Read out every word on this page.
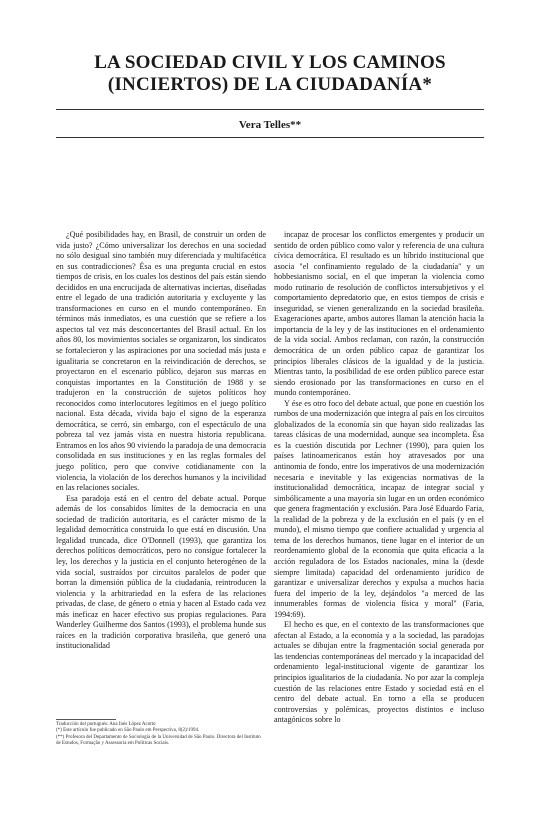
LA SOCIEDAD CIVIL Y LOS CAMINOS
(INCIERTOS) DE LA CIUDADANÍA*
Vera Telles**

¿Qué posibilidades hay, en Brasil, de construir un orden de vida justo? ¿Cómo universalizar los derechos en una sociedad no sólo desigual sino también muy diferenciada y multifacética en sus contradicciones? Ésa es una pregunta crucial en estos tiempos de crisis, en los cuales los destinos del país están siendo decididos en una encrucijada de alternativas inciertas, diseñadas entre el legado de una tradición autoritaria y excluyente y las transformaciones en curso en el mundo contemporáneo. En términos más inmediatos, es una cuestión que se refiere a los aspectos tal vez más desconcertantes del Brasil actual. En los años 80, los movimientos sociales se organizaron, los sindicatos se fortalecieron y las aspiraciones por una sociedad más justa e igualitaria se concretaron en la reivindicación de derechos, se proyectaron en el escenario público, dejaron sus marcas en conquistas importantes en la Constitución de 1988 y se tradujeron en la construcción de sujetos políticos hoy reconocidos como interlocutores legítimos en el juego político nacional. Esta década, vivida bajo el signo de la esperanza democrática, se cerró, sin embargo, con el espectáculo de una pobreza tal vez jamás vista en nuestra historia republicana. Entramos en los años 90 viviendo la paradoja de una democracia consolidada en sus instituciones y en las reglas formales del juego político, pero que convive cotidianamente con la violencia, la violación de los derechos humanos y la incivilidad en las relaciones sociales.

Esa paradoja está en el centro del debate actual. Porque además de los consabidos límites de la democracia en una sociedad de tradición autoritaria, es el carácter mismo de la legalidad democrática construida lo que está en discusión. Una legalidad truncada, dice O'Donnell (1993), que garantiza los derechos políticos democráticos, pero no consigue fortalecer la ley, los derechos y la justicia en el conjunto heterogéneo de la vida social, sustraídos por circuitos paralelos de poder que borran la dimensión pública de la ciudadanía, reintroducen la violencia y la arbitrariedad en la esfera de las relaciones privadas, de clase, de género o etnia y hacen al Estado cada vez más ineficaz en hacer efectivo sus propias regulaciones. Para Wanderley Guilherme dos Santos (1993), el problema hunde sus raíces en la tradición corporativa brasileña, que generó una institucionalidad

incapaz de procesar los conflictos emergentes y producir un sentido de orden público como valor y referencia de una cultura cívica democrática. El resultado es un híbrido institucional que asocia "el confinamiento regulado de la ciudadanía" y un hobbesianismo social, en el que imperan la violencia como modo rutinario de resolución de conflictos intersubjetivos y el comportamiento depredatorio que, en estos tiempos de crisis e inseguridad, se vienen generalizando en la sociedad brasileña. Exageraciones aparte, ambos autores llaman la atención hacia la importancia de la ley y de las instituciones en el ordenamiento de la vida social. Ambos reclaman, con razón, la construcción democrática de un orden público capaz de garantizar los principios liberales clásicos de la igualdad y de la justicia. Mientras tanto, la posibilidad de ese orden público parece estar siendo erosionado por las transformaciones en curso en el mundo contemporáneo.

Y ése es otro foco del debate actual, que pone en cuestión los rumbos de una modernización que integra al país en los circuitos globalizados de la economía sin que hayan sido realizadas las tareas clásicas de una modernidad, aunque sea incompleta. Ésa es la cuestión discutida por Lechner (1990), para quien los países latinoamericanos están hoy atravesados por una antinomia de fondo, entre los imperativos de una modernización necesaria e inevitable y las exigencias normativas de la institucionalidad democrática, incapaz de integrar social y simbólicamente a una mayoría sin lugar en un orden económico que genera fragmentación y exclusión. Para José Eduardo Faria, la realidad de la pobreza y de la exclusión en el país (y en el mundo), el mismo tiempo que confiere actualidad y urgencia al tema de los derechos humanos, tiene lugar en el interior de un reordenamiento global de la economía que quita eficacia a la acción reguladora de los Estados nacionales, mina la (desde siempre limitada) capacidad del ordenamiento jurídico de garantizar e universalizar derechos y expulsa a muchos hacia fuera del imperio de la ley, dejándolos "a merced de las innumerables formas de violencia física y moral" (Faria, 1994:69).

El hecho es que, en el contexto de las transformaciones que afectan al Estado, a la economía y a la sociedad, las paradojas actuales se dibujan entre la fragmentación social generada por las tendencias contemporáneas del mercado y la incapacidad del ordenamiento legal-institucional vigente de garantizar los principios igualitarios de la ciudadanía. No por azar la compleja cuestión de las relaciones entre Estado y sociedad está en el centro del debate actual. En torno a ella se producen controversias y polémicas, proyectos distintos e incluso antagónicos sobre lo

Traducción del portugués: Ana Inés López Acotto
(*) Este artículo fue publicado en São Paulo em Perspectiva, 8(2)/1994.
(**) Profesora del Departamento de Sociología de la Universidad de São Paulo. Directora del Instituto de Estudos, Formação y Assessoria em Políticas Sociais.
